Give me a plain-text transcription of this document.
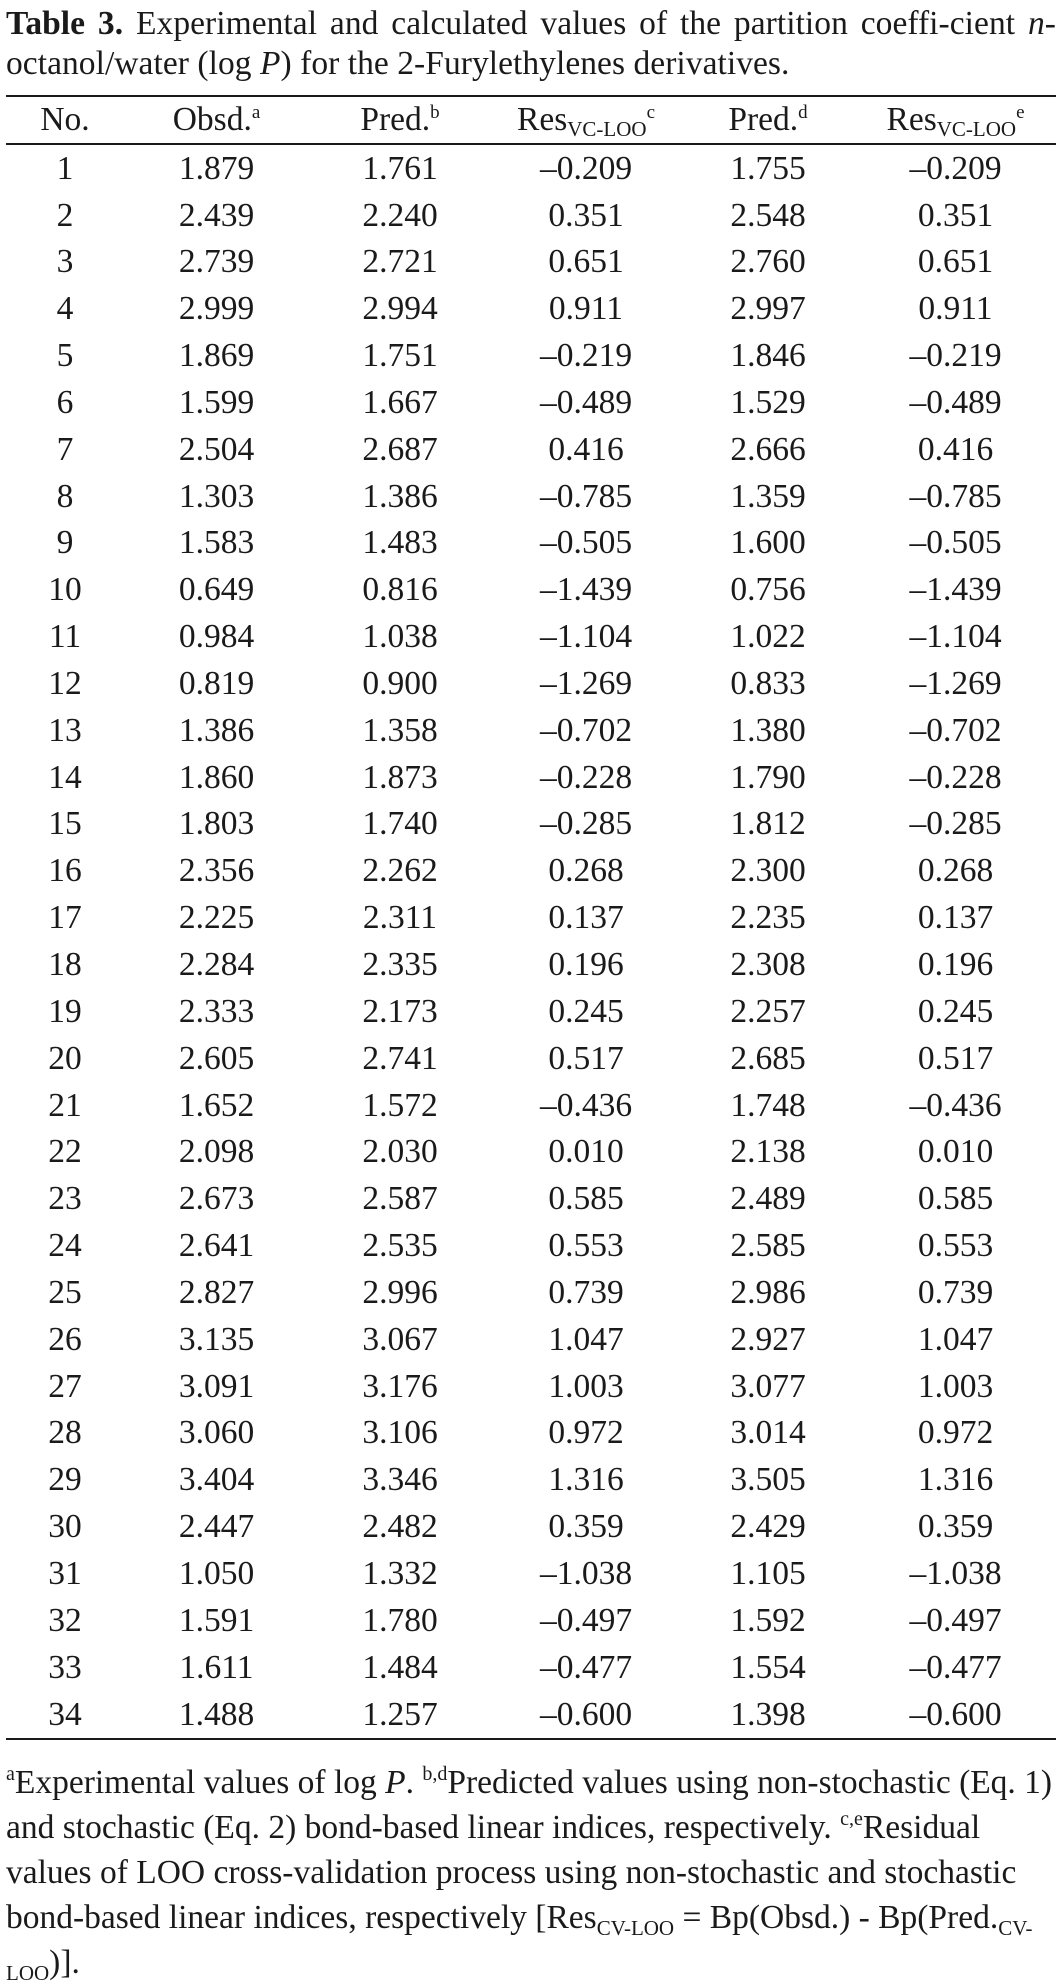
Table 3. Experimental and calculated values of the partition coeffi-cient n-octanol/water (log P) for the 2-Furylethylenes derivatives.
No.	Obsd.$^a$	Pred.$^b$	Res$_{VC-LOO}^c$	Pred.$^d$	Res$_{VC-LOO}^e$
1	1.879	1.761	–0.209	1.755	–0.209
2	2.439	2.240	0.351	2.548	0.351
3	2.739	2.721	0.651	2.760	0.651
4	2.999	2.994	0.911	2.997	0.911
5	1.869	1.751	–0.219	1.846	–0.219
6	1.599	1.667	–0.489	1.529	–0.489
7	2.504	2.687	0.416	2.666	0.416
8	1.303	1.386	–0.785	1.359	–0.785
9	1.583	1.483	–0.505	1.600	–0.505
10	0.649	0.816	–1.439	0.756	–1.439
11	0.984	1.038	–1.104	1.022	–1.104
12	0.819	0.900	–1.269	0.833	–1.269
13	1.386	1.358	–0.702	1.380	–0.702
14	1.860	1.873	–0.228	1.790	–0.228
15	1.803	1.740	–0.285	1.812	–0.285
16	2.356	2.262	0.268	2.300	0.268
17	2.225	2.311	0.137	2.235	0.137
18	2.284	2.335	0.196	2.308	0.196
19	2.333	2.173	0.245	2.257	0.245
20	2.605	2.741	0.517	2.685	0.517
21	1.652	1.572	–0.436	1.748	–0.436
22	2.098	2.030	0.010	2.138	0.010
23	2.673	2.587	0.585	2.489	0.585
24	2.641	2.535	0.553	2.585	0.553
25	2.827	2.996	0.739	2.986	0.739
26	3.135	3.067	1.047	2.927	1.047
27	3.091	3.176	1.003	3.077	1.003
28	3.060	3.106	0.972	3.014	0.972
29	3.404	3.346	1.316	3.505	1.316
30	2.447	2.482	0.359	2.429	0.359
31	1.050	1.332	–1.038	1.105	–1.038
32	1.591	1.780	–0.497	1.592	–0.497
33	1.611	1.484	–0.477	1.554	–0.477
34	1.488	1.257	–0.600	1.398	–0.600
$^a$Experimental values of log P. $^{b,d}$Predicted values using non-stochastic (Eq. 1) and stochastic (Eq. 2) bond-based linear indices, respectively. $^{c,e}$Residual values of LOO cross-validation process using non-stochastic and stochastic bond-based linear indices, respectively [Res$_{CV-LOO}$ = Bp(Obsd.) - $Bp(Pred._{CV-LOO})$].
